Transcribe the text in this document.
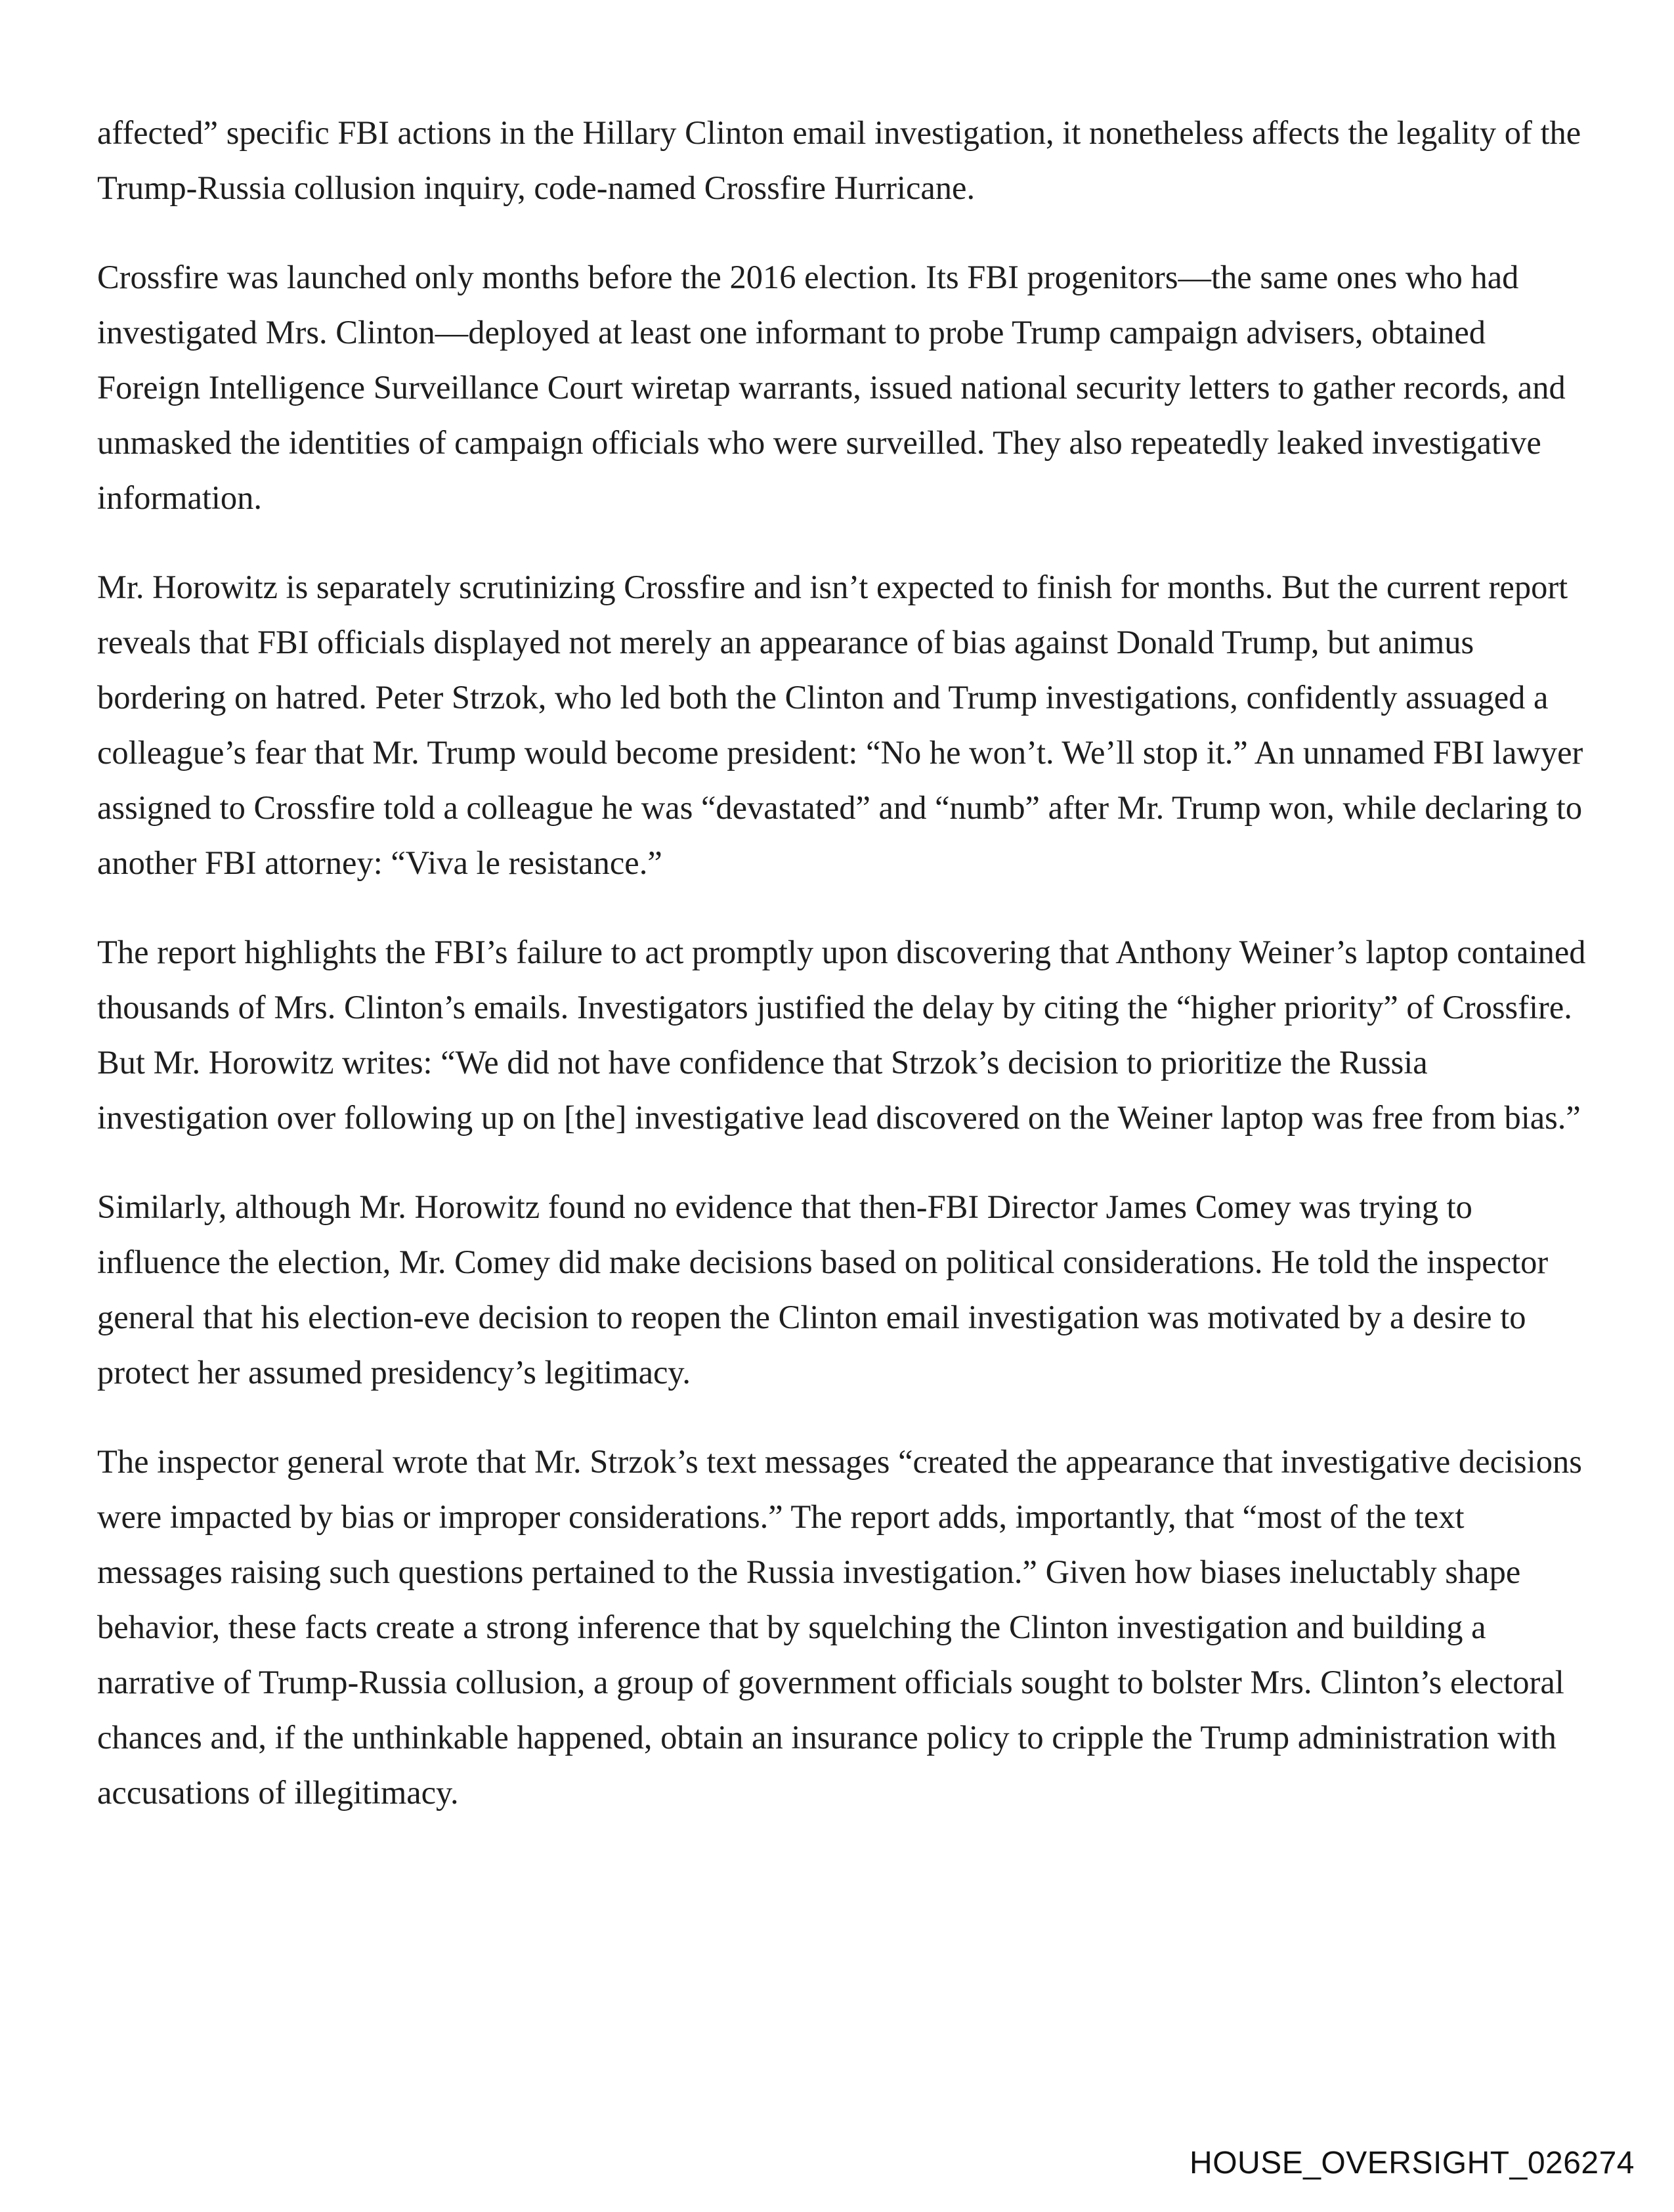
affected” specific FBI actions in the Hillary Clinton email investigation, it nonetheless affects the legality of the Trump-Russia collusion inquiry, code-named Crossfire Hurricane.

Crossfire was launched only months before the 2016 election. Its FBI progenitors—the same ones who had investigated Mrs. Clinton—deployed at least one informant to probe Trump campaign advisers, obtained Foreign Intelligence Surveillance Court wiretap warrants, issued national security letters to gather records, and unmasked the identities of campaign officials who were surveilled. They also repeatedly leaked investigative information.

Mr. Horowitz is separately scrutinizing Crossfire and isn’t expected to finish for months. But the current report reveals that FBI officials displayed not merely an appearance of bias against Donald Trump, but animus bordering on hatred. Peter Strzok, who led both the Clinton and Trump investigations, confidently assuaged a colleague’s fear that Mr. Trump would become president: “No he won’t. We’ll stop it.” An unnamed FBI lawyer assigned to Crossfire told a colleague he was “devastated” and “numb” after Mr. Trump won, while declaring to another FBI attorney: “Viva le resistance.”

The report highlights the FBI’s failure to act promptly upon discovering that Anthony Weiner’s laptop contained thousands of Mrs. Clinton’s emails. Investigators justified the delay by citing the “higher priority” of Crossfire. But Mr. Horowitz writes: “We did not have confidence that Strzok’s decision to prioritize the Russia investigation over following up on [the] investigative lead discovered on the Weiner laptop was free from bias.”

Similarly, although Mr. Horowitz found no evidence that then-FBI Director James Comey was trying to influence the election, Mr. Comey did make decisions based on political considerations. He told the inspector general that his election-eve decision to reopen the Clinton email investigation was motivated by a desire to protect her assumed presidency’s legitimacy.

The inspector general wrote that Mr. Strzok’s text messages “created the appearance that investigative decisions were impacted by bias or improper considerations.” The report adds, importantly, that “most of the text messages raising such questions pertained to the Russia investigation.” Given how biases ineluctably shape behavior, these facts create a strong inference that by squelching the Clinton investigation and building a narrative of Trump-Russia collusion, a group of government officials sought to bolster Mrs. Clinton’s electoral chances and, if the unthinkable happened, obtain an insurance policy to cripple the Trump administration with accusations of illegitimacy.

HOUSE_OVERSIGHT_026274
